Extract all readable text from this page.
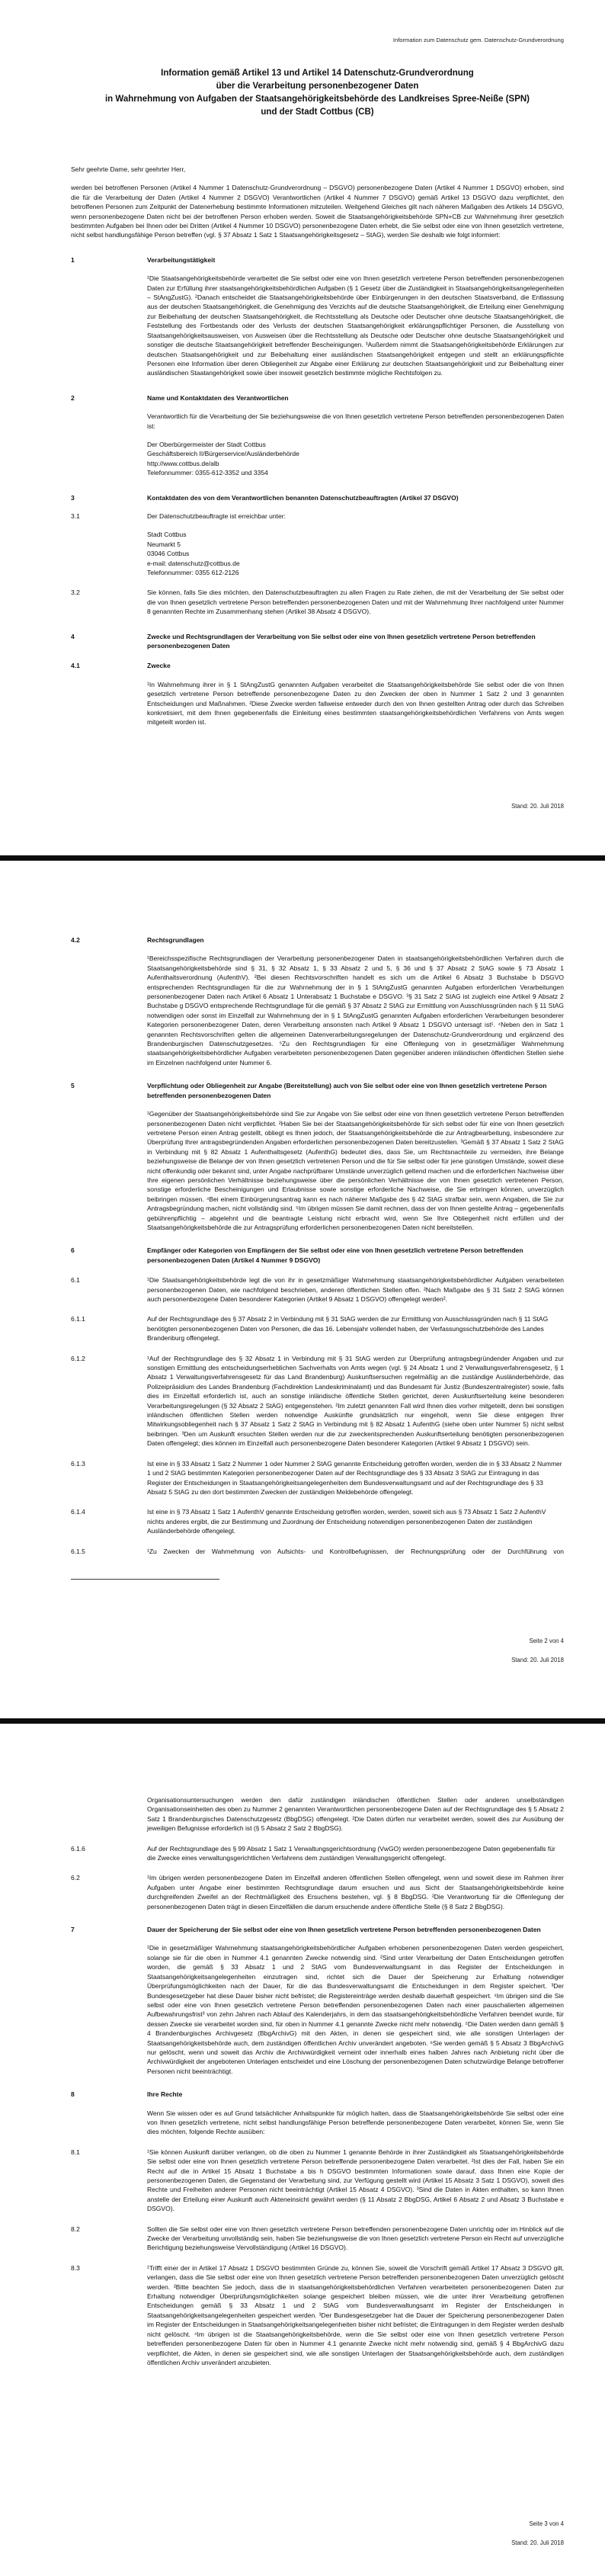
Information zum Datenschutz gem. Datenschutz-Grundverordnung
Information gemäß Artikel 13 und Artikel 14 Datenschutz-Grundverordnung
über die Verarbeitung personenbezogener Daten
in Wahrnehmung von Aufgaben der Staatsangehörigkeitsbehörde des Landkreises Spree-Neiße (SPN)
und der Stadt Cottbus (CB)
Sehr geehrte Dame, sehr geehrter Herr,
werden bei betroffenen Personen (Artikel 4 Nummer 1 Datenschutz-Grundverordnung – DSGVO) personenbezogene Daten (Artikel 4 Nummer 1 DSGVO) erhoben, sind die für die Verarbeitung der Daten (Artikel 4 Nummer 2 DSGVO) Verantwortlichen (Artikel 4 Nummer 7 DSGVO) gemäß Artikel 13 DSGVO dazu verpflichtet, den betroffenen Personen zum Zeitpunkt der Datenerhebung bestimmte Informationen mitzuteilen. Weitgehend Gleiches gilt nach näheren Maßgaben des Artikels 14 DSGVO, wenn personenbezogene Daten nicht bei der betroffenen Person erhoben werden. Soweit die Staatsangehörigkeitsbehörde SPN+CB zur Wahrnehmung ihrer gesetzlich bestimmten Aufgaben bei Ihnen oder bei Dritten (Artikel 4 Nummer 10 DSGVO) personenbezogene Daten erhebt, die Sie selbst oder eine von Ihnen gesetzlich vertretene, nicht selbst handlungsfähige Person betreffen (vgl. § 37 Absatz 1 Satz 1 Staatsangehörigkeitsgesetz – StAG), werden Sie deshalb wie folgt informiert:
1	Verarbeitungstätigkeit
¹Die Staatsangehörigkeitsbehörde verarbeitet die Sie selbst oder eine von Ihnen gesetzlich vertretene Person betreffenden personenbezogenen Daten zur Erfüllung ihrer staatsangehörigkeitsbehördlichen Aufgaben (§ 1 Gesetz über die Zuständigkeit in Staatsangehörigkeitsangelegenheiten – StAngZustG). ²Danach entscheidet die Staatsangehörigkeitsbehörde über Einbürgerungen in den deutschen Staatsverband, die Entlassung aus der deutschen Staatsangehörigkeit, die Genehmigung des Verzichts auf die deutsche Staatsangehörigkeit, die Erteilung einer Genehmigung zur Beibehaltung der deutschen Staatsangehörigkeit, die Rechtsstellung als Deutsche oder Deutscher ohne deutsche Staatsangehörigkeit, die Feststellung des Fortbestands oder des Verlusts der deutschen Staatsangehörigkeit erklärungspflichtiger Personen, die Ausstellung von Staatsangehörigkeitsausweisen, von Ausweisen über die Rechtsstellung als Deutsche oder Deutscher ohne deutsche Staatsangehörigkeit und sonstiger die deutsche Staatsangehörigkeit betreffender Bescheinigungen. ³Außerdem nimmt die Staatsangehörigkeitsbehörde Erklärungen zur deutschen Staatsangehörigkeit und zur Beibehaltung einer ausländischen Staatsangehörigkeit entgegen und stellt an erklärungspflichte Personen eine Information über deren Obliegenheit zur Abgabe einer Erklärung zur deutschen Staatsangehörigkeit und zur Beibehaltung einer ausländischen Staatangehörigkeit sowie über insoweit gesetzlich bestimmte mögliche Rechtsfolgen zu.
2	Name und Kontaktdaten des Verantwortlichen
Verantwortlich für die Verarbeitung der Sie beziehungsweise die von Ihnen gesetzlich vertretene Person betreffenden personenbezogenen Daten ist:
Der Oberbürgermeister der Stadt Cottbus
Geschäftsbereich II/Bürgerservice/Ausländerbehörde
http://www.cottbus.de/alb
Telefonnummer: 0355-612-3352 und 3354
3	Kontaktdaten des von dem Verantwortlichen benannten Datenschutzbeauftragten (Artikel 37 DSGVO)
3.1	Der Datenschutzbeauftragte ist erreichbar unter:
Stadt Cottbus
Neumarkt 5
03046 Cottbus
e-mail: datenschutz@cottbus.de
Telefonnummer: 0355 612-2126
3.2	Sie können, falls Sie dies möchten, den Datenschutzbeauftragten zu allen Fragen zu Rate ziehen, die mit der Verarbeitung der Sie selbst oder die von Ihnen gesetzlich vertretene Person betreffenden personenbezogenen Daten und mit der Wahrnehmung Ihrer nachfolgend unter Nummer 8 genannten Rechte im Zusammenhang stehen (Artikel 38 Absatz 4 DSGVO).
4	Zwecke und Rechtsgrundlagen der Verarbeitung von Sie selbst oder eine von Ihnen gesetzlich vertretene Person betreffenden personenbezogenen Daten
4.1	Zwecke
¹In Wahrnehmung ihrer in § 1 StAngZustG genannten Aufgaben verarbeitet die Staatsangehörigkeitsbehörde Sie selbst oder die von Ihnen gesetzlich vertretene Person betreffende personenbezogene Daten zu den Zwecken der oben in Nummer 1 Satz 2 und 3 genannten Entscheidungen und Maßnahmen. ²Diese Zwecke werden fallweise entweder durch den von Ihnen gestellten Antrag oder durch das Schreiben konkretisiert, mit dem Ihnen gegebenenfalls die Einleitung eines bestimmten staatsangehörigkeitsbehördlichen Verfahrens von Amts wegen mitgeteilt worden ist.
Stand: 20. Juli 2018
4.2	Rechtsgrundlagen
¹Bereichsspezifische Rechtsgrundlagen der Verarbeitung personenbezogener Daten in staatsangehörigkeitsbehördlichen Verfahren durch die Staatsangehörigkeitsbehörde sind § 31, § 32 Absatz 1, § 33 Absatz 2 und 5, § 36 und § 37 Absatz 2 StAG sowie § 73 Absatz 1 Aufenthaltsverordnung (AufenthV). ²Bei diesen Rechtsvorschriften handelt es sich um die Artikel 6 Absatz 3 Buchstabe b DSGVO entsprechenden Rechtsgrundlagen für die zur Wahrnehmung der in § 1 StAngZustG genannten Aufgaben erforderlichen Verarbeitungen personenbezogener Daten nach Artikel 6 Absatz 1 Unterabsatz 1 Buchstabe e DSGVO. ³§ 31 Satz 2 StAG ist zugleich eine Artikel 9 Absatz 2 Buchstabe g DSGVO entsprechende Rechtsgrundlage für die gemäß § 37 Absatz 2 StAG zur Ermittlung von Ausschlussgründen nach § 11 StAG notwendigen oder sonst im Einzelfall zur Wahrnehmung der in § 1 StAngZustG genannten Aufgaben erforderlichen Verarbeitungen besonderer Kategorien personenbezogener Daten, deren Verarbeitung ansonsten nach Artikel 9 Absatz 1 DSGVO untersagt ist¹. ⁴Neben den in Satz 1 genannten Rechtsvorschriften gelten die allgemeinen Datenverarbeitungsregelungen der Datenschutz-Grundverordnung und ergänzend des Brandenburgischen Datenschutzgesetzes. ⁵Zu den Rechtsgrundlagen für eine Offenlegung von in gesetzmäßiger Wahrnehmung staatsangehörigkeitsbehördlicher Aufgaben verarbeiteten personenbezogenen Daten gegenüber anderen inländischen öffentlichen Stellen siehe im Einzelnen nachfolgend unter Nummer 6.
5	Verpflichtung oder Obliegenheit zur Angabe (Bereitstellung) auch von Sie selbst oder eine von Ihnen gesetzlich vertretene Person betreffenden personenbezogenen Daten
¹Gegenüber der Staatsangehörigkeitsbehörde sind Sie zur Angabe von Sie selbst oder eine von Ihnen gesetzlich vertretene Person betreffenden personenbezogenen Daten nicht verpflichtet. ²Haben Sie bei der Staatsangehörigkeitsbehörde für sich selbst oder für eine von Ihnen gesetzlich vertretene Person einen Antrag gestellt, obliegt es Ihnen jedoch, der Staatsangehörigkeitsbehörde die zur Antragbearbeitung, insbesondere zur Überprüfung Ihrer antragsbegründenden Angaben erforderlichen personenbezogenen Daten bereitzustellen. ³Gemäß § 37 Absatz 1 Satz 2 StAG in Verbindung mit § 82 Absatz 1 Aufenthaltsgesetz (AufenthG) bedeutet dies, dass Sie, um Rechtsnachteile zu vermeiden, ihre Belange beziehungsweise die Belange der von Ihnen gesetzlich vertretenen Person und die für Sie selbst oder für jene günstigen Umstände, soweit diese nicht offenkundig oder bekannt sind, unter Angabe nachprüfbarer Umstände unverzüglich geltend machen und die erforderlichen Nachweise über Ihre eigenen persönlichen Verhältnisse beziehungsweise über die persönlichen Verhältnisse der von Ihnen gesetzlich vertretenen Person, sonstige erforderliche Bescheinigungen und Erlaubnisse sowie sonstige erforderliche Nachweise, die Sie erbringen können, unverzüglich beibringen müssen. ⁴Bei einem Einbürgerungsantrag kann es nach näherer Maßgabe des § 42 StAG strafbar sein, wenn Angaben, die Sie zur Antragsbegründung machen, nicht vollständig sind. ⁵Im übrigen müssen Sie damit rechnen, dass der von Ihnen gestellte Antrag – gegebenenfalls gebührenpflichtig – abgelehnt und die beantragte Leistung nicht erbracht wird, wenn Sie Ihre Obliegenheit nicht erfüllen und der Staatsangehörigkeitsbehörde die zur Antragsprüfung erforderlichen personenbezogenen Daten nicht bereitstellen.
6	Empfänger oder Kategorien von Empfängern der Sie selbst oder eine von Ihnen gesetzlich vertretene Person betreffenden personenbezogenen Daten (Artikel 4 Nummer 9 DSGVO)
6.1	¹Die Staatsangehörigkeitsbehörde legt die von ihr in gesetzmäßiger Wahrnehmung staatsangehörigkeitsbehördlicher Aufgaben verarbeiteten personenbezogenen Daten, wie nachfolgend beschrieben, anderen öffentlichen Stellen offen. ²Nach Maßgabe des § 31 Satz 2 StAG können auch personenbezogene Daten besonderer Kategorien (Artikel 9 Absatz 1 DSGVO) offengelegt werden².
6.1.1	Auf der Rechtsgrundlage des § 37 Absatz 2 in Verbindung mit § 31 StAG werden die zur Ermittlung von Ausschlussgründen nach § 11 StAG benötigten personenbezogenen Daten von Personen, die das 16. Lebensjahr vollendet haben, der Verfassungsschutzbehörde des Landes Brandenburg offengelegt.
6.1.2	¹Auf der Rechtsgrundlage des § 32 Absatz 1 in Verbindung mit § 31 StAG werden zur Überprüfung antragsbegründender Angaben und zur sonstigen Ermittlung des entscheidungserheblichen Sachverhalts von Amts wegen (vgl. § 24 Absatz 1 und 2 Verwaltungsverfahrensgesetz, § 1 Absatz 1 Verwaltungsverfahrensgesetz für das Land Brandenburg) Auskunftsersuchen regelmäßig an die zuständige Ausländerbehörde, das Polizeipräsidium des Landes Brandenburg (Fachdirektion Landeskriminalamt) und das Bundesamt für Justiz (Bundeszentralregister) sowie, falls dies im Einzelfall erforderlich ist, auch an sonstige inländische öffentliche Stellen gerichtet, deren Auskunftserteilung keine besonderen Verarbeitungsregelungen (§ 32 Absatz 2 StAG) entgegenstehen. ²Im zuletzt genannten Fall wird Ihnen dies vorher mitgeteilt, denn bei sonstigen inländischen öffentlichen Stellen werden notwendige Auskünfte grundsätzlich nur eingeholt, wenn Sie diese entgegen Ihrer Mitwirkungsobliegenheit nach § 37 Absatz 1 Satz 2 StAG in Verbindung mit § 82 Absatz 1 AufenthG (siehe oben unter Nummer 5) nicht selbst beibringen. ³Den um Auskunft ersuchten Stellen werden nur die zur zweckentsprechenden Auskunftserteilung benötigten personenbezogenen Daten offengelegt; dies können im Einzelfall auch personenbezogene Daten besonderer Kategorien (Artikel 9 Absatz 1 DSGVO) sein.
6.1.3	Ist eine in § 33 Absatz 1 Satz 2 Nummer 1 oder Nummer 2 StAG genannte Entscheidung getroffen worden, werden die in § 33 Absatz 2 Nummer 1 und 2 StAG bestimmten Kategorien personenbezogener Daten auf der Rechtsgrundlage des § 33 Absatz 3 StAG zur Eintragung in das Register der Entscheidungen in Staatsangehörigkeitsangelegenheiten dem Bundesverwaltungsamt und auf der Rechtsgrundlage des § 33 Absatz 5 StAG zu den dort bestimmten Zwecken der zuständigen Meldebehörde offengelegt.
6.1.4	Ist eine in § 73 Absatz 1 Satz 1 AufenthV genannte Entscheidung getroffen worden, werden, soweit sich aus § 73 Absatz 1 Satz 2 AufenthV nichts anderes ergibt, die zur Bestimmung und Zuordnung der Entscheidung notwendigen personenbezogenen Daten der zuständigen Ausländerbehörde offengelegt.
6.1.5	¹Zu Zwecken der Wahrnehmung von Aufsichts- und Kontrollbefugnissen, der Rechnungsprüfung oder der Durchführung von
Seite 2 von 4
Stand: 20. Juli 2018
Organisationsuntersuchungen werden den dafür zuständigen inländischen öffentlichen Stellen oder anderen unselbständigen Organisationseinheiten des oben zu Nummer 2 genannten Verantwortlichen personenbezogene Daten auf der Rechtsgrundlage des § 5 Absatz 2 Satz 1 Brandenburgisches Datenschutzgesetz (BbgDSG) offengelegt. ²Die Daten dürfen nur verarbeitet werden, soweit dies zur Ausübung der jeweiligen Befugnisse erforderlich ist (§ 5 Absatz 2 Satz 2 BbgDSG).
6.1.6	Auf der Rechtsgrundlage des § 99 Absatz 1 Satz 1 Verwaltungsgerichtsordnung (VwGO) werden personenbezogene Daten gegebenenfalls für die Zwecke eines verwaltungsgerichtlichen Verfahrens dem zuständigen Verwaltungsgericht offengelegt.
6.2	¹Im übrigen werden personenbezogene Daten im Einzelfall anderen öffentlichen Stellen offengelegt, wenn und soweit diese im Rahmen ihrer Aufgaben unter Angabe einer bestimmten Rechtsgrundlage darum ersuchen und aus Sicht der Staatsangehörigkeitsbehörde keine durchgreifenden Zweifel an der Rechtmäßigkeit des Ersuchens bestehen, vgl. § 8 BbgDSG. ²Die Verantwortung für die Offenlegung der personenbezogenen Daten trägt in diesen Einzelfällen die darum ersuchende andere öffentliche Stelle (§ 8 Satz 2 BbgDSG).
7	Dauer der Speicherung der Sie selbst oder eine von Ihnen gesetzlich vertretene Person betreffenden personenbezogenen Daten
¹Die in gesetzmäßiger Wahrnehmung staatsangehörigkeitsbehördlicher Aufgaben erhobenen personenbezogenen Daten werden gespeichert, solange sie für die oben in Nummer 4.1 genannten Zwecke notwendig sind. ²Sind unter Verarbeitung der Daten Entscheidungen getroffen worden, die gemäß § 33 Absatz 1 und 2 StAG vom Bundesverwaltungsamt in das Register der Entscheidungen in Staatsangehörigkeitsangelegenheiten einzutragen sind, richtet sich die Dauer der Speicherung zur Erhaltung notwendiger Überprüfungsmöglichkeiten nach der Dauer, für die das Bundesverwaltungsamt die Entscheidungen in dem Register speichert. ³Der Bundesgesetzgeber hat diese Dauer bisher nicht befristet; die Registereinträge werden deshalb dauerhaft gespeichert. ⁴Im übrigen sind die Sie selbst oder eine von Ihnen gesetzlich vertretene Person betreffenden personenbezogenen Daten nach einer pauschalierten allgemeinen Aufbewahrungsfrist³ von zehn Jahren nach Ablauf des Kalenderjahrs, in dem das staatsangehörigkeitsbehördliche Verfahren beendet wurde, für dessen Zwecke sie verarbeitet worden sind, für oben in Nummer 4.1 genannte Zwecke nicht mehr notwendig. ⁵Die Daten werden dann gemäß § 4 Brandenburgisches Archivgesetz (BbgArchivG) mit den Akten, in denen sie gespeichert sind, wie alle sonstigen Unterlagen der Staatsangehörigkeitsbehörde auch, dem zuständigen öffentlichen Archiv unverändert angeboten. ⁶Sie werden gemäß § 5 Absatz 3 BbgArchivG nur gelöscht, wenn und soweit das Archiv die Archivwürdigkeit verneint oder innerhalb eines halben Jahres nach Anbietung nicht über die Archivwürdigkeit der angebotenen Unterlagen entscheidet und eine Löschung der personenbezogenen Daten schutzwürdige Belange betroffener Personen nicht beeinträchtigt.
8	Ihre Rechte
Wenn Sie wissen oder es auf Grund tatsächlicher Anhaltspunkte für möglich halten, dass die Staatsangehörigkeitsbehörde Sie selbst oder eine von Ihnen gesetzlich vertretene, nicht selbst handlungsfähige Person betreffende personenbezogene Daten verarbeitet, können Sie, wenn Sie dies möchten, folgende Rechte ausüben:
8.1	¹Sie können Auskunft darüber verlangen, ob die oben zu Nummer 1 genannte Behörde in ihrer Zuständigkeit als Staatsangehörigkeitsbehörde Sie selbst oder eine von Ihnen gesetzlich vertretene Person betreffende personenbezogene Daten verarbeitet. ²Ist dies der Fall, haben Sie ein Recht auf die in Artikel 15 Absatz 1 Buchstabe a bis h DSGVO bestimmten Informationen sowie darauf, dass Ihnen eine Kopie der personenbezogenen Daten, die Gegenstand der Verarbeitung sind, zur Verfügung gestellt wird (Artikel 15 Absatz 3 Satz 1 DSGVO), soweit dies Rechte und Freiheiten anderer Personen nicht beeinträchtigt (Artikel 15 Absatz 4 DSGVO). ³Sind die Daten in Akten enthalten, so kann Ihnen anstelle der Erteilung einer Auskunft auch Akteneinsicht gewährt werden (§ 11 Absatz 2 BbgDSG, Artikel 6 Absatz 2 und Absatz 3 Buchstabe e DSGVO).
8.2	Sollten die Sie selbst oder eine von Ihnen gesetzlich vertretene Person betreffenden personenbezogene Daten unrichtig oder im Hinblick auf die Zwecke der Verarbeitung unvollständig sein, haben Sie beziehungsweise die von Ihnen gesetzlich vertretene Person ein Recht auf unverzügliche Berichtigung beziehungsweise Vervollständigung (Artikel 16 DSGVO).
8.3	¹Trifft einer der in Artikel 17 Absatz 1 DSGVO bestimmten Gründe zu, können Sie, soweit die Vorschrift gemäß Artikel 17 Absatz 3 DSGVO gilt, verlangen, dass die Sie selbst oder eine von Ihnen gesetzlich vertretene Person betreffenden personenbezogenen Daten unverzüglich gelöscht werden. ²Bitte beachten Sie jedoch, dass die in staatsangehörigkeitsbehördlichen Verfahren verarbeiteten personenbezogenen Daten zur Erhaltung notwendiger Überprüfungsmöglichkeiten solange gespeichert bleiben müssen, wie die unter ihrer Verarbeitung getroffenen Entscheidungen gemäß § 33 Absatz 1 und 2 StAG vom Bundesverwaltungsamt im Register der Entscheidungen in Staatsangehörigkeitsangelegenheiten gespeichert werden. ³Der Bundesgesetzgeber hat die Dauer der Speicherung personenbezogener Daten im Register der Entscheidungen in Staatsangehörigkeitsangelegenheiten bisher nicht befristet; die Eintragungen in dem Register werden deshalb nicht gelöscht. ⁴Im übrigen ist die Staatsangehörigkeitsbehörde, wenn die Sie selbst oder eine von Ihnen gesetzlich vertretene Person betreffenden personenbezogene Daten für oben in Nummer 4.1 genannte Zwecke nicht mehr notwendig sind, gemäß § 4 BbgArchivG dazu verpflichtet, die Akten, in denen sie gespeichert sind, wie alle sonstigen Unterlagen der Staatsangehörigkeitsbehörde auch, dem zuständigen öffentlichen Archiv unverändert anzubieten.
Seite 3 von 4
Stand: 20. Juli 2018
